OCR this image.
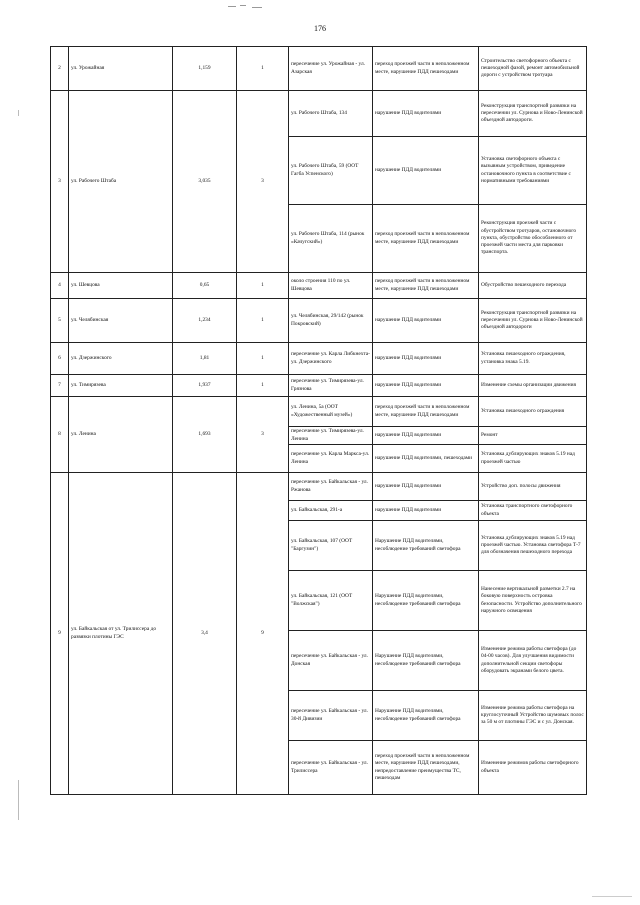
176
2	ул. Урожайная	1,159	1	пересечение ул. Урожайная - ул. Азарская	переход проезжей части в неположенном месте, нарушение ПДД пешеходами	Строительство светофорного объекта с пешеходной фазой, ремонт автомобильной дороги с устройством тротуара
3	ул. Рабочего Штаба	3,035	3	ул. Рабочего Штаба, 134	нарушение ПДД водителями	Реконструкция транспортной развязки на пересечении ул. Сурнова и Ново-Ленинской объездной автодороги.
				ул. Рабочего Штаба, 59 (ООТ Гагба Успенского)	нарушение ПДД водителями	Установка светофорного объекта с вызывным устройством, приведение остановочного пункта в соответствие с нормативными требованиями
				ул. Рабочего Штаба, 114 (рынок «Качугский»)	переход проезжей части в неположенном месте, нарушение ПДД пешеходами	Реконструкция проезжей части с обустройством тротуаров, остановочного пункта, обустройство обособленного от проезжей части места для парковки транспорта.
4	ул. Шевцова	0,65	1	около строения 110 по ул. Шевцова	переход проезжей части в неположенном месте, нарушение ПДД пешеходами	Обустройство пешеходного перехода
5	ул. Челябинская	1,234	1	ул. Челябинская, 29/142 (рынок Покровский)	нарушение ПДД водителями	Реконструкция транспортной развязки на пересечении ул. Сурнова и Ново-Ленинской объездной автодороги
6	ул. Дзержинского	1,81	1	пересечение ул. Карла Либкнехта-ул. Дзержинского	нарушение ПДД водителями	Установка пешеходного ограждения, установка знака 5.19.
7	ул. Тимирязева	1,937	1	пересечение ул. Тимирязева-ул. Грязнова	нарушение ПДД водителями	Изменение схемы организации движения
8	ул. Ленина	1,693	3	ул. Ленина, 5а (ООТ «Художественный музей»)	переход проезжей части в неположенном месте, нарушение ПДД пешеходами	Установка пешеходного ограждения
				пересечение ул. Тимирязева-ул. Ленина	нарушение ПДД водителями	Ремонт
				пересечение ул. Карла Маркса-ул. Ленина	нарушение ПДД водителями, пешеходами	Установка дублирующих знаков 5.19 над проезжей частью
9	ул. Байкальская от ул. Трилиссера до развязки плотины ГЭС	3,4	9	пересечение ул. Байкальская - ул. Ржанова	нарушение ПДД водителями	Устройство доп. полосы движения
				ул. Байкальская, 291-а	нарушение ПДД водителями	Установка транспортного светофорного объекта
				ул. Байкальская, 107 (ООТ "Баргузин")	Нарушение ПДД водителями, несоблюдение требований светофора	Установка дублирующих знаков 5.19 над проезжей частью. Установка светофора Т-7 для обозначения пешеходного перехода
				ул. Байкальская, 121 (ООТ "Волжская")	Нарушение ПДД водителями, несоблюдение требований светофора	Нанесение вертикальной разметки 2.7 на боковую поверхность островка безопасности. Устройство дополнительного наружного освещения
				пересечение ул. Байкальская - ул. Донская	Нарушение ПДД водителями, несоблюдение требований светофора	Изменение режима работы светофора (до 04-00 часов). Для улучшения видимости дополнительной секции светофоры оборудовать экранами белого цвета.
				пересечение ул. Байкальская - ул. 30-й Дивизии	Нарушение ПДД водителями, несоблюдение требований светофора	Изменение режима работы светофора на круглосуточный Устройство шумовых полос за 50 м от плотины ГЭС и с ул. Донская.
				пересечение ул. Байкальская - ул. Трилиссера	переход проезжей части в неположенном месте, нарушение ПДД пешеходами, непредоставление преимущества ТС, пешеходам	Изменение режимов работы светофорного объекта
